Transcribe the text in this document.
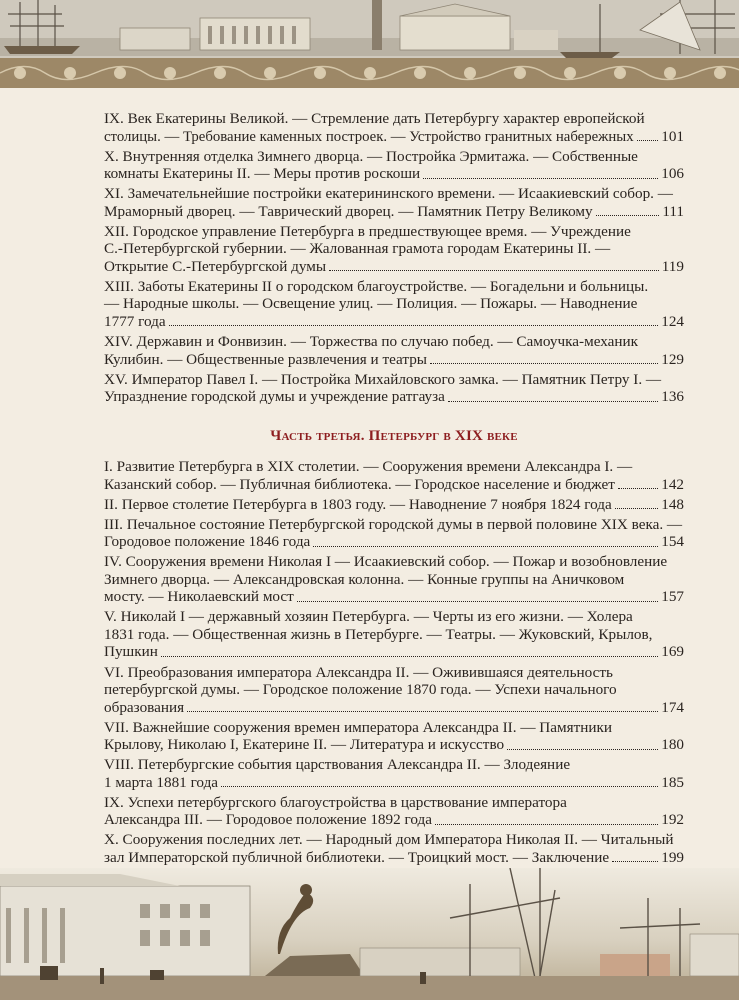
IX. Век Екатерины Великой. — Стремление дать Петербургу характер европейской
столицы. — Требование каменных построек. — Устройство гранитных набережных 101
X. Внутренняя отделка Зимнего дворца. — Постройка Эрмитажа. — Собственные
комнаты Екатерины II. — Меры против роскоши	106
XI. Замечательнейшие постройки екатерининского времени. — Исаакиевский собор. —
Мраморный дворец. — Таврический дворец. — Памятник Петру Великому	111
XII. Городское управление Петербурга в предшествующее время. — Учреждение
С.-Петербургской губернии. — Жалованная грамота городам Екатерины II. —
Открытие С.-Петербургской думы	119
XIII. Заботы Екатерины II о городском благоустройстве. — Богадельни и больницы.
— Народные школы. — Освещение улиц. — Полиция. — Пожары. — Наводнение
1777 года	124
XIV. Державин и Фонвизин. — Торжества по случаю побед. — Самоучка-механик
Кулибин. — Общественные развлечения и театры	129
XV. Император Павел I. — Постройка Михайловского замка. — Памятник Петру I. —
Упразднение городской думы и учреждение ратгауза	136
Часть третья. Петербург в XIX веке
I. Развитие Петербурга в XIX столетии. — Сооружения времени Александра I. —
Казанский собор. — Публичная библиотека. — Городское население и бюджет	142
II. Первое столетие Петербурга в 1803 году. — Наводнение 7 ноября 1824 года	148
III. Печальное состояние Петербургской городской думы в первой половине XIX века. —
Городовое положение 1846 года	154
IV. Сооружения времени Николая I — Исаакиевский собор. — Пожар и возобновление
Зимнего дворца. — Александровская колонна. — Конные группы на Аничковом
мосту. — Николаевский мост	157
V. Николай I — державный хозяин Петербурга. — Черты из его жизни. — Холера
1831 года. — Общественная жизнь в Петербурге. — Театры. — Жуковский, Крылов,
Пушкин	169
VI. Преобразования императора Александра II. — Оживившаяся деятельность
петербургской думы. — Городское положение 1870 года. — Успехи начального
образования	174
VII. Важнейшие сооружения времен императора Александра II. — Памятники
Крылову, Николаю I, Екатерине II. — Литература и искусство	180
VIII. Петербургские события царствования Александра II. — Злодеяние
1 марта 1881 года	185
IX. Успехи петербургского благоустройства в царствование императора
Александра III. — Городовое положение 1892 года	192
X. Сооружения последних лет. — Народный дом Императора Николая II. — Читальный
зал Императорской публичной библиотеки. — Троицкий мост. — Заключение	199
